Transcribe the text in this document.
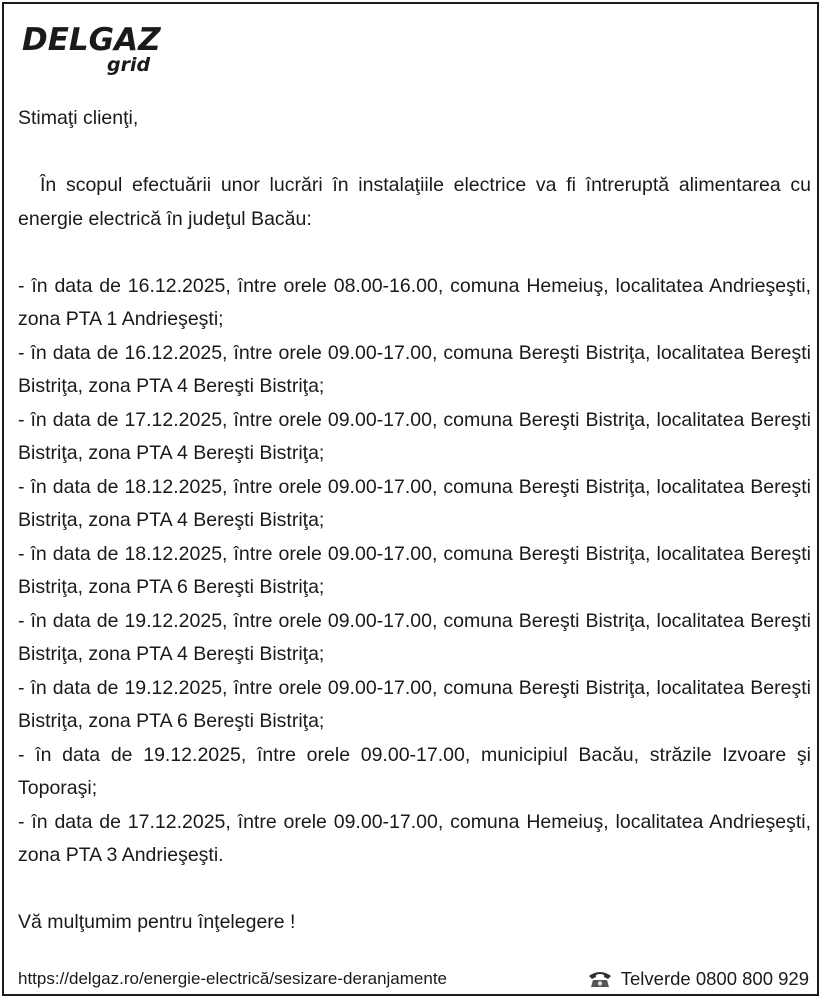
DELGAZ
grid

Stimaţi clienţi,

În scopul efectuării unor lucrări în instalaţiile electrice va fi întreruptă alimentarea cu energie electrică în judeţul Bacău:

- în data de 16.12.2025, între orele 08.00-16.00, comuna Hemeiuş, localitatea Andrieşeşti, zona PTA 1 Andrieşeşti;

- în data de 16.12.2025, între orele 09.00-17.00, comuna Bereşti Bistriţa, localitatea Bereşti Bistriţa, zona PTA 4 Bereşti Bistriţa;

- în data de 17.12.2025, între orele 09.00-17.00, comuna Bereşti Bistriţa, localitatea Bereşti Bistriţa, zona PTA 4 Bereşti Bistriţa;

- în data de 18.12.2025, între orele 09.00-17.00, comuna Bereşti Bistriţa, localitatea Bereşti Bistriţa, zona PTA 4 Bereşti Bistriţa;

- în data de 18.12.2025, între orele 09.00-17.00, comuna Bereşti Bistriţa, localitatea Bereşti Bistriţa, zona PTA 6 Bereşti Bistriţa;

- în data de 19.12.2025, între orele 09.00-17.00, comuna Bereşti Bistriţa, localitatea Bereşti Bistriţa, zona PTA 4 Bereşti Bistriţa;

- în data de 19.12.2025, între orele 09.00-17.00, comuna Bereşti Bistriţa, localitatea Bereşti Bistriţa, zona PTA 6 Bereşti Bistriţa;

- în data de 19.12.2025, între orele 09.00-17.00, municipiul Bacău, străzile Izvoare şi Toporaşi;

- în data de 17.12.2025, între orele 09.00-17.00, comuna Hemeiuş, localitatea Andrieşeşti, zona PTA 3 Andrieşeşti.

Vă mulţumim pentru înţelegere !

https://delgaz.ro/energie-electrică/sesizare-deranjamente	Telverde 0800 800 929
